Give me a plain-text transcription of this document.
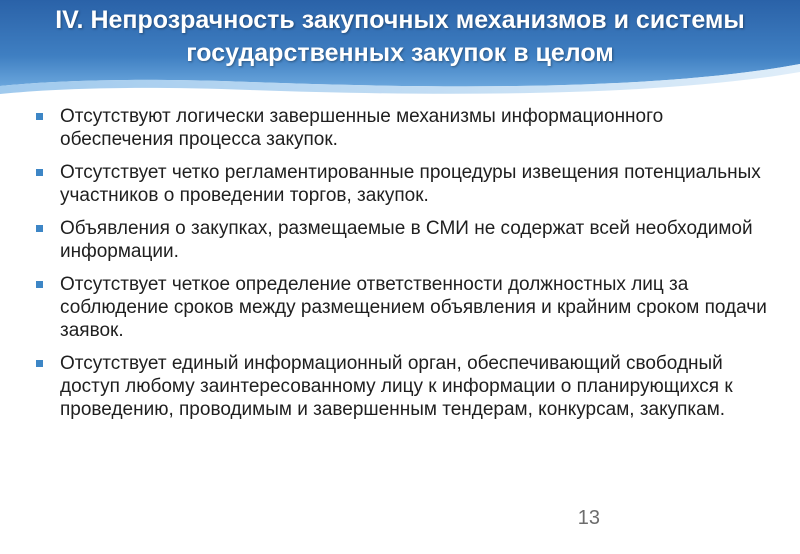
IV. Непрозрачность закупочных механизмов и системы государственных закупок в целом
Отсутствуют логически завершенные механизмы информационного обеспечения процесса закупок.
Отсутствует четко регламентированные процедуры извещения потенциальных участников о проведении торгов, закупок.
Объявления о закупках, размещаемые в СМИ не содержат всей необходимой информации.
Отсутствует четкое определение ответственности должностных лиц за соблюдение сроков между размещением объявления и крайним сроком подачи заявок.
Отсутствует единый информационный орган, обеспечивающий свободный доступ любому заинтересованному лицу к информации о планирующихся к проведению, проводимым и завершенным тендерам, конкурсам, закупкам.
13
